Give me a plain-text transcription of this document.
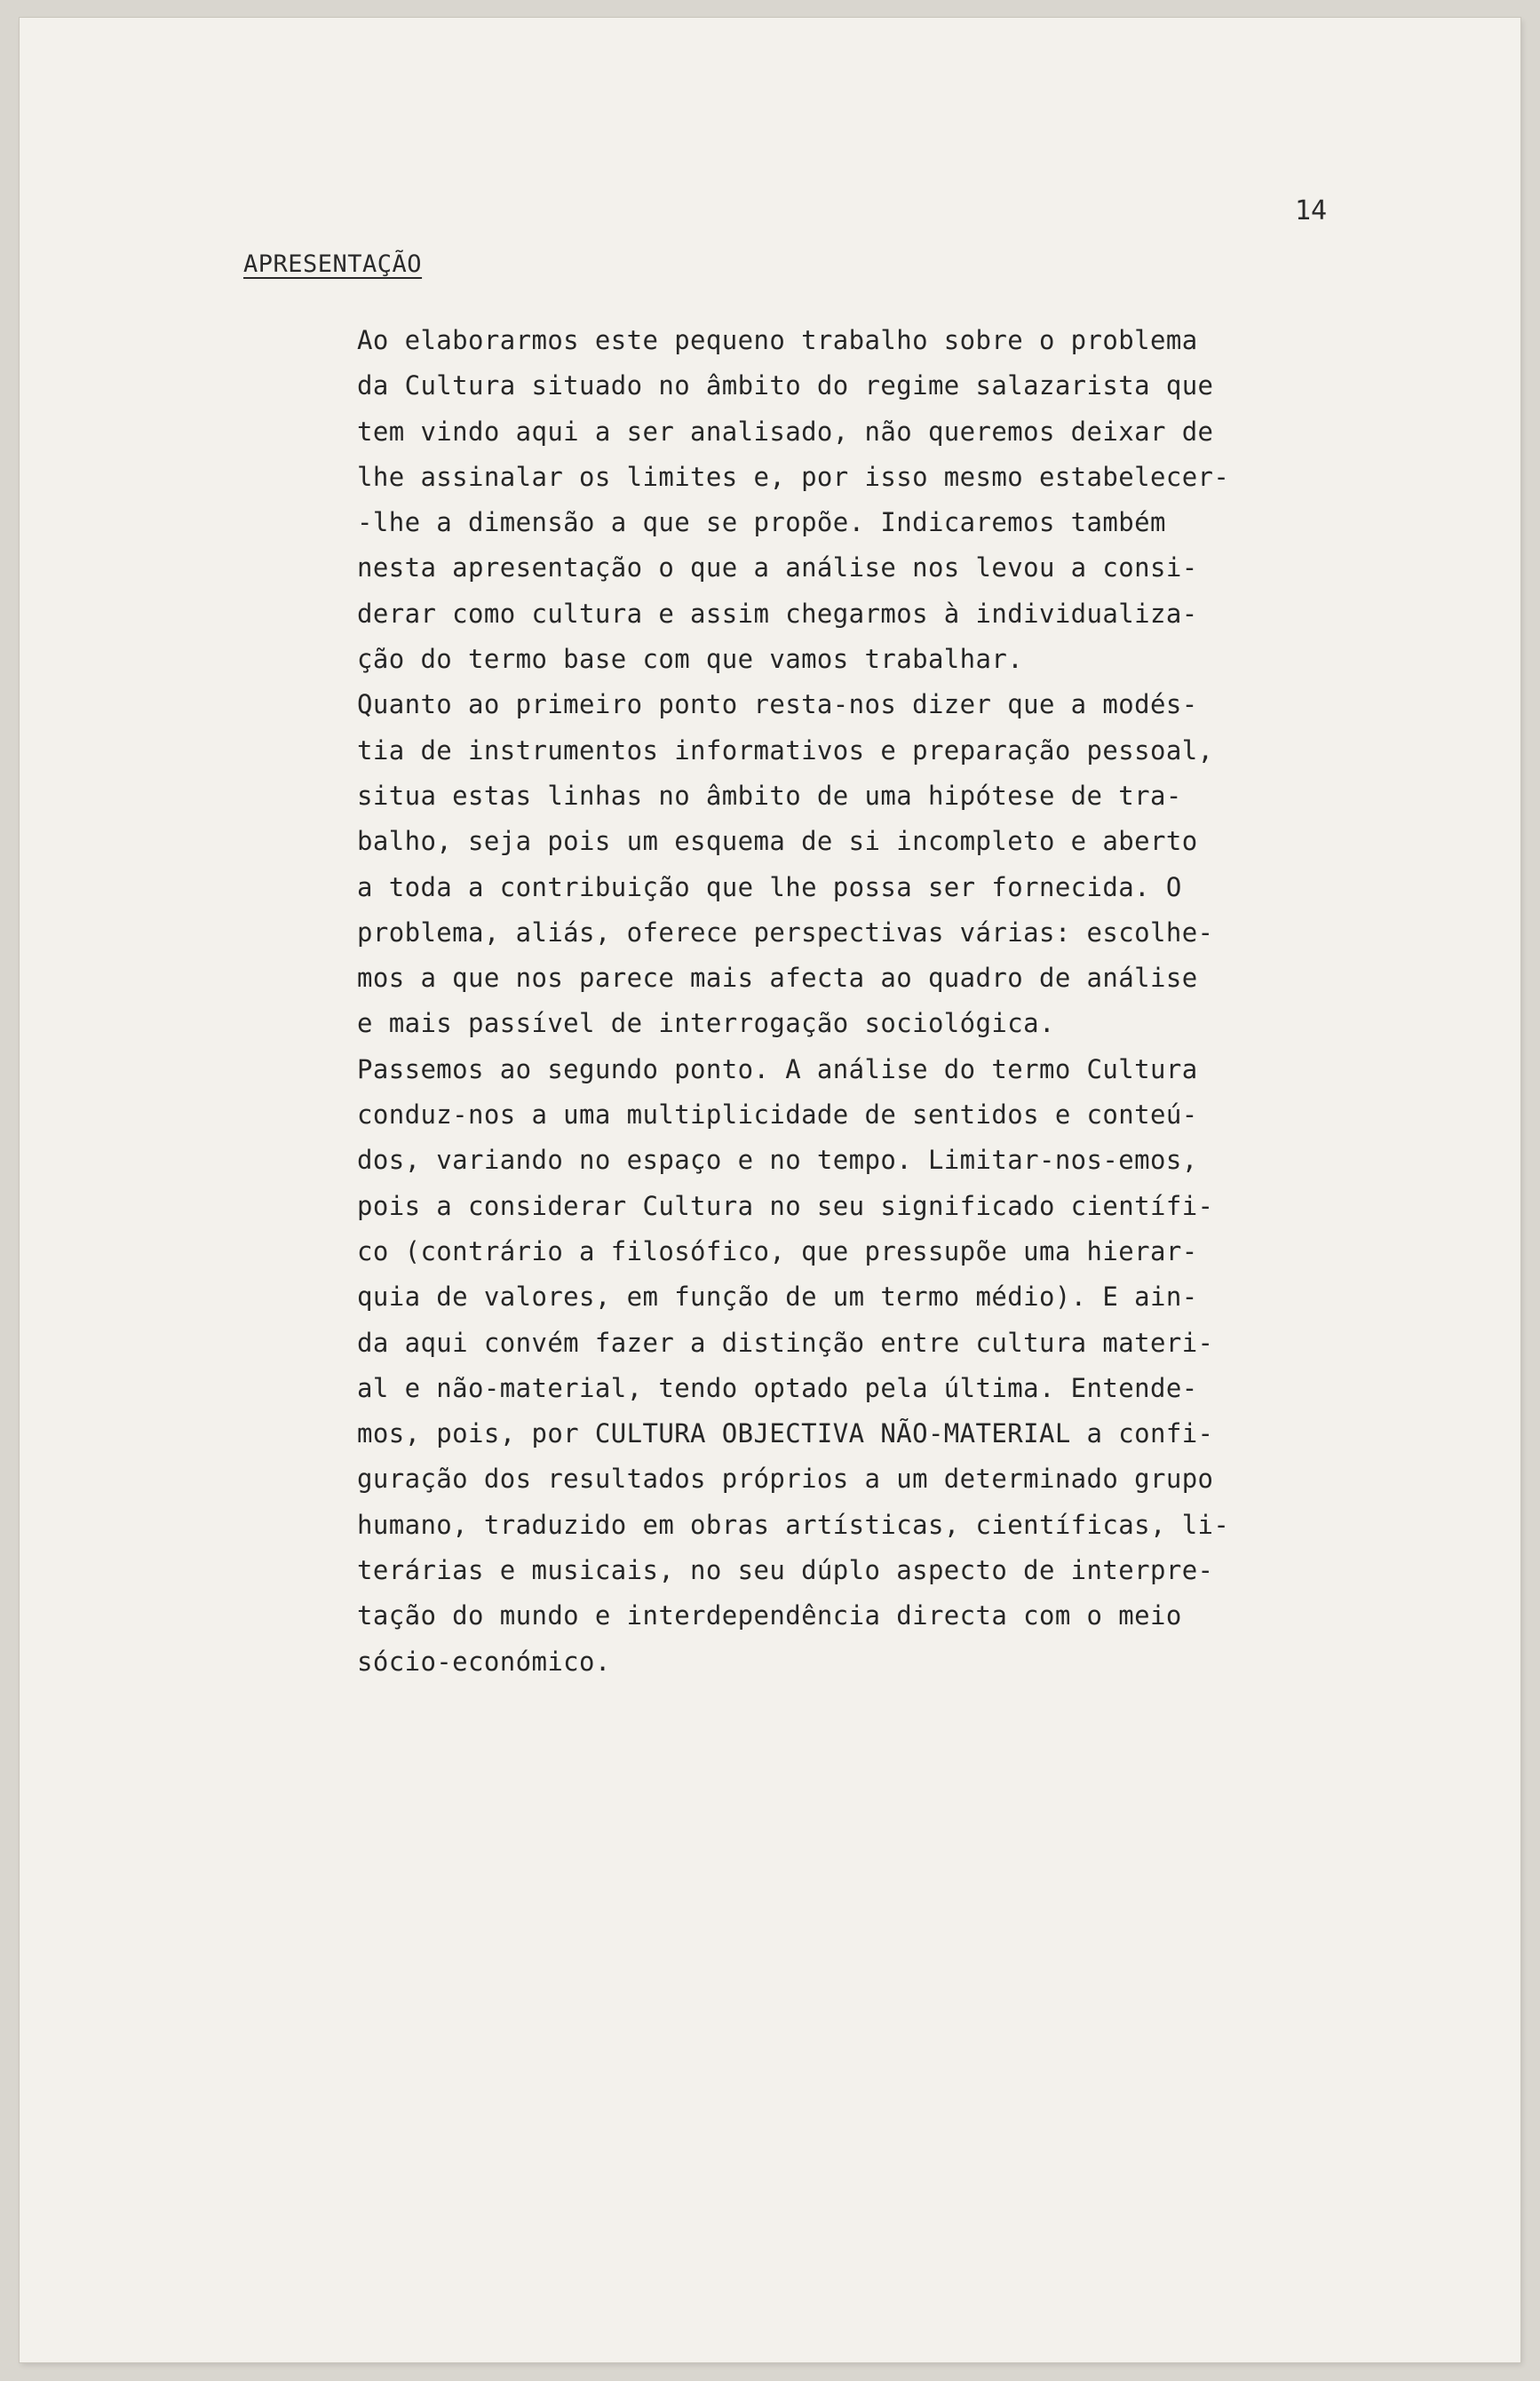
14
APRESENTAÇÃO
Ao elaborarmos este pequeno trabalho sobre o problema
da Cultura situado no âmbito do regime salazarista que
tem vindo aqui a ser analisado, não queremos deixar de
lhe assinalar os limites e, por isso mesmo estabelecer-
-lhe a dimensão a que se propõe. Indicaremos também
nesta apresentação o que a análise nos levou a consi-
derar como cultura e assim chegarmos à individualiza-
ção do termo base com que vamos trabalhar.
Quanto ao primeiro ponto resta-nos dizer que a modés-
tia de instrumentos informativos e preparação pessoal,
situa estas linhas no âmbito de uma hipótese de tra-
balho, seja pois um esquema de si incompleto e aberto
a toda a contribuição que lhe possa ser fornecida. O
problema, aliás, oferece perspectivas várias: escolhe-
mos a que nos parece mais afecta ao quadro de análise
e mais passível de interrogação sociológica.
Passemos ao segundo ponto. A análise do termo Cultura
conduz-nos a uma multiplicidade de sentidos e conteú-
dos, variando no espaço e no tempo. Limitar-nos-emos,
pois a considerar Cultura no seu significado científi-
co (contrário a filosófico, que pressupõe uma hierar-
quia de valores, em função de um termo médio). E ain-
da aqui convém fazer a distinção entre cultura materi-
al e não-material, tendo optado pela última. Entende-
mos, pois, por CULTURA OBJECTIVA NÃO-MATERIAL a confi-
guração dos resultados próprios a um determinado grupo
humano, traduzido em obras artísticas, científicas, li-
terárias e musicais, no seu dúplo aspecto de interpre-
tação do mundo e interdependência directa com o meio
sócio-económico.
